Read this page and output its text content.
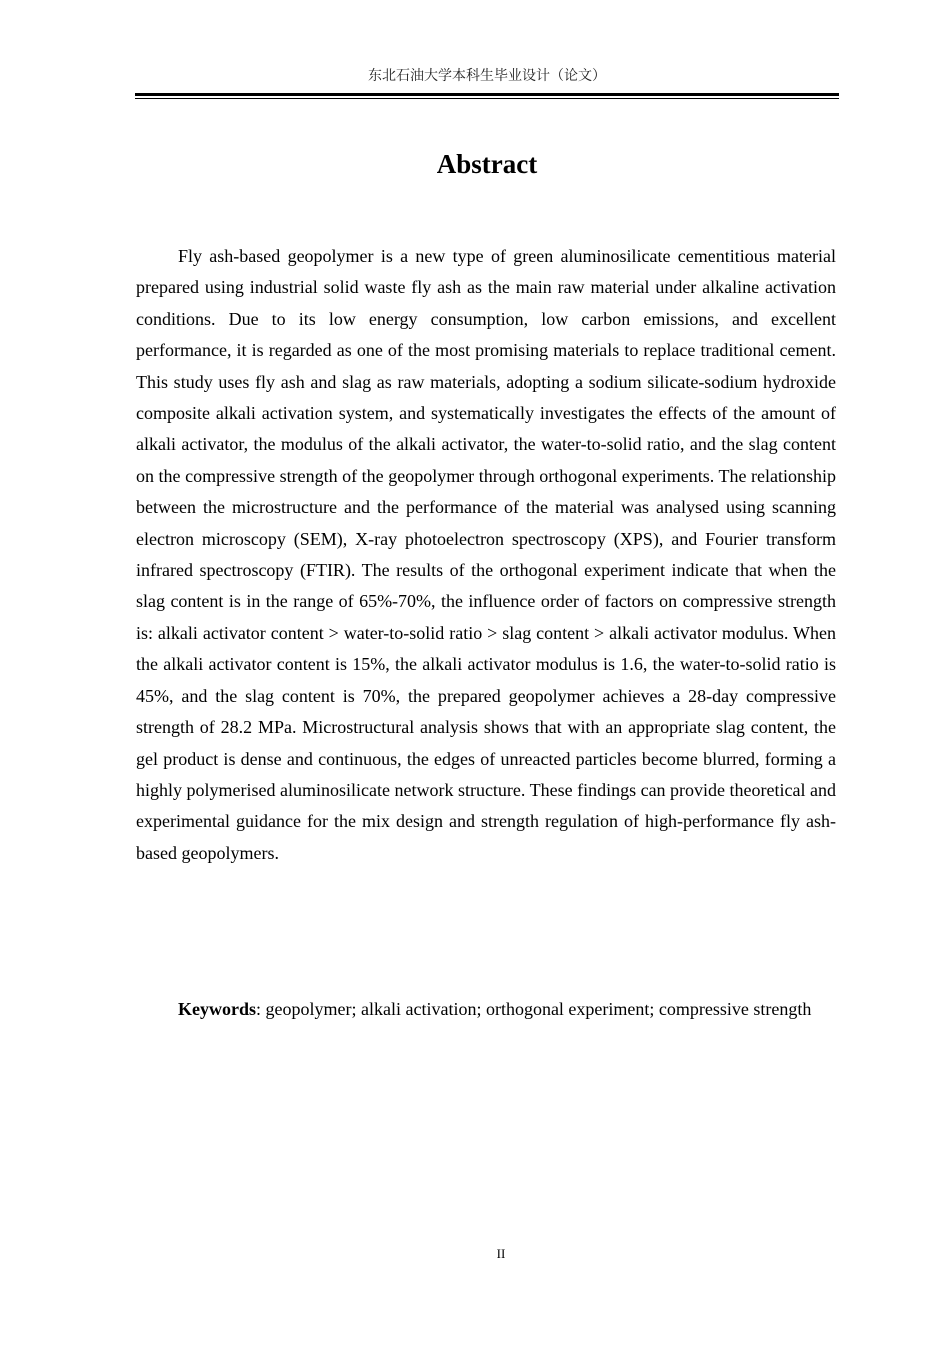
东北石油大学本科生毕业设计（论文）
Abstract

Fly ash-based geopolymer is a new type of green aluminosilicate cementitious material prepared using industrial solid waste fly ash as the main raw material under alkaline activation conditions. Due to its low energy consumption, low carbon emissions, and excellent performance, it is regarded as one of the most promising materials to replace traditional cement. This study uses fly ash and slag as raw materials, adopting a sodium silicate-sodium hydroxide composite alkali activation system, and systematically investigates the effects of the amount of alkali activator, the modulus of the alkali activator, the water-to-solid ratio, and the slag content on the compressive strength of the geopolymer through orthogonal experiments. The relationship between the microstructure and the performance of the material was analysed using scanning electron microscopy (SEM), X-ray photoelectron spectroscopy (XPS), and Fourier transform infrared spectroscopy (FTIR). The results of the orthogonal experiment indicate that when the slag content is in the range of 65%-70%, the influence order of factors on compressive strength is: alkali activator content > water-to-solid ratio > slag content > alkali activator modulus. When the alkali activator content is 15%, the alkali activator modulus is 1.6, the water-to-solid ratio is 45%, and the slag content is 70%, the prepared geopolymer achieves a 28-day compressive strength of 28.2 MPa. Microstructural analysis shows that with an appropriate slag content, the gel product is dense and continuous, the edges of unreacted particles become blurred, forming a highly polymerised aluminosilicate network structure. These findings can provide theoretical and experimental guidance for the mix design and strength regulation of high-performance fly ash-based geopolymers.

Keywords: geopolymer; alkali activation; orthogonal experiment; compressive strength

II
